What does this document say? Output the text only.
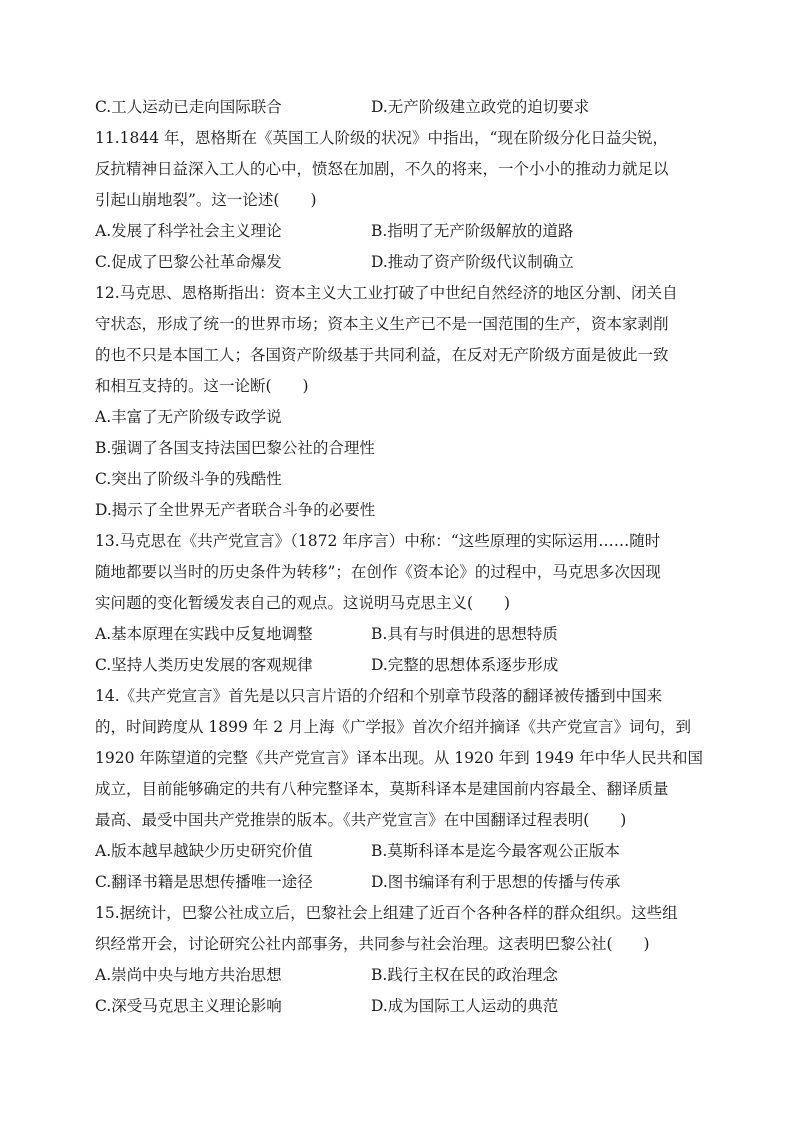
C.工人运动已走向国际联合	D.无产阶级建立政党的迫切要求
11.1844 年，恩格斯在《英国工人阶级的状况》中指出，“现在阶级分化日益尖锐，
反抗精神日益深入工人的心中，愤怒在加剧，不久的将来，一个小小的推动力就足以
引起山崩地裂”。这一论述(　　)
A.发展了科学社会主义理论	B.指明了无产阶级解放的道路
C.促成了巴黎公社革命爆发	D.推动了资产阶级代议制确立
12.马克思、恩格斯指出：资本主义大工业打破了中世纪自然经济的地区分割、闭关自
守状态，形成了统一的世界市场；资本主义生产已不是一国范围的生产，资本家剥削
的也不只是本国工人；各国资产阶级基于共同利益，在反对无产阶级方面是彼此一致
和相互支持的。这一论断(　　)
A.丰富了无产阶级专政学说
B.强调了各国支持法国巴黎公社的合理性
C.突出了阶级斗争的残酷性
D.揭示了全世界无产者联合斗争的必要性
13.马克思在《共产党宣言》（1872 年序言）中称：“这些原理的实际运用……随时
随地都要以当时的历史条件为转移”；在创作《资本论》的过程中，马克思多次因现
实问题的变化暂缓发表自己的观点。这说明马克思主义(　　)
A.基本原理在实践中反复地调整	B.具有与时俱进的思想特质
C.坚持人类历史发展的客观规律	D.完整的思想体系逐步形成
14.《共产党宣言》首先是以只言片语的介绍和个别章节段落的翻译被传播到中国来
的，时间跨度从 1899 年 2 月上海《广学报》首次介绍并摘译《共产党宣言》词句，到
1920 年陈望道的完整《共产党宣言》译本出现。从 1920 年到 1949 年中华人民共和国
成立，目前能够确定的共有八种完整译本，莫斯科译本是建国前内容最全、翻译质量
最高、最受中国共产党推崇的版本。《共产党宣言》在中国翻译过程表明(　　)
A.版本越早越缺少历史研究价值	B.莫斯科译本是迄今最客观公正版本
C.翻译书籍是思想传播唯一途径	D.图书编译有利于思想的传播与传承
15.据统计，巴黎公社成立后，巴黎社会上组建了近百个各种各样的群众组织。这些组
织经常开会，讨论研究公社内部事务，共同参与社会治理。这表明巴黎公社(　　)
A.崇尚中央与地方共治思想	B.践行主权在民的政治理念
C.深受马克思主义理论影响	D.成为国际工人运动的典范
